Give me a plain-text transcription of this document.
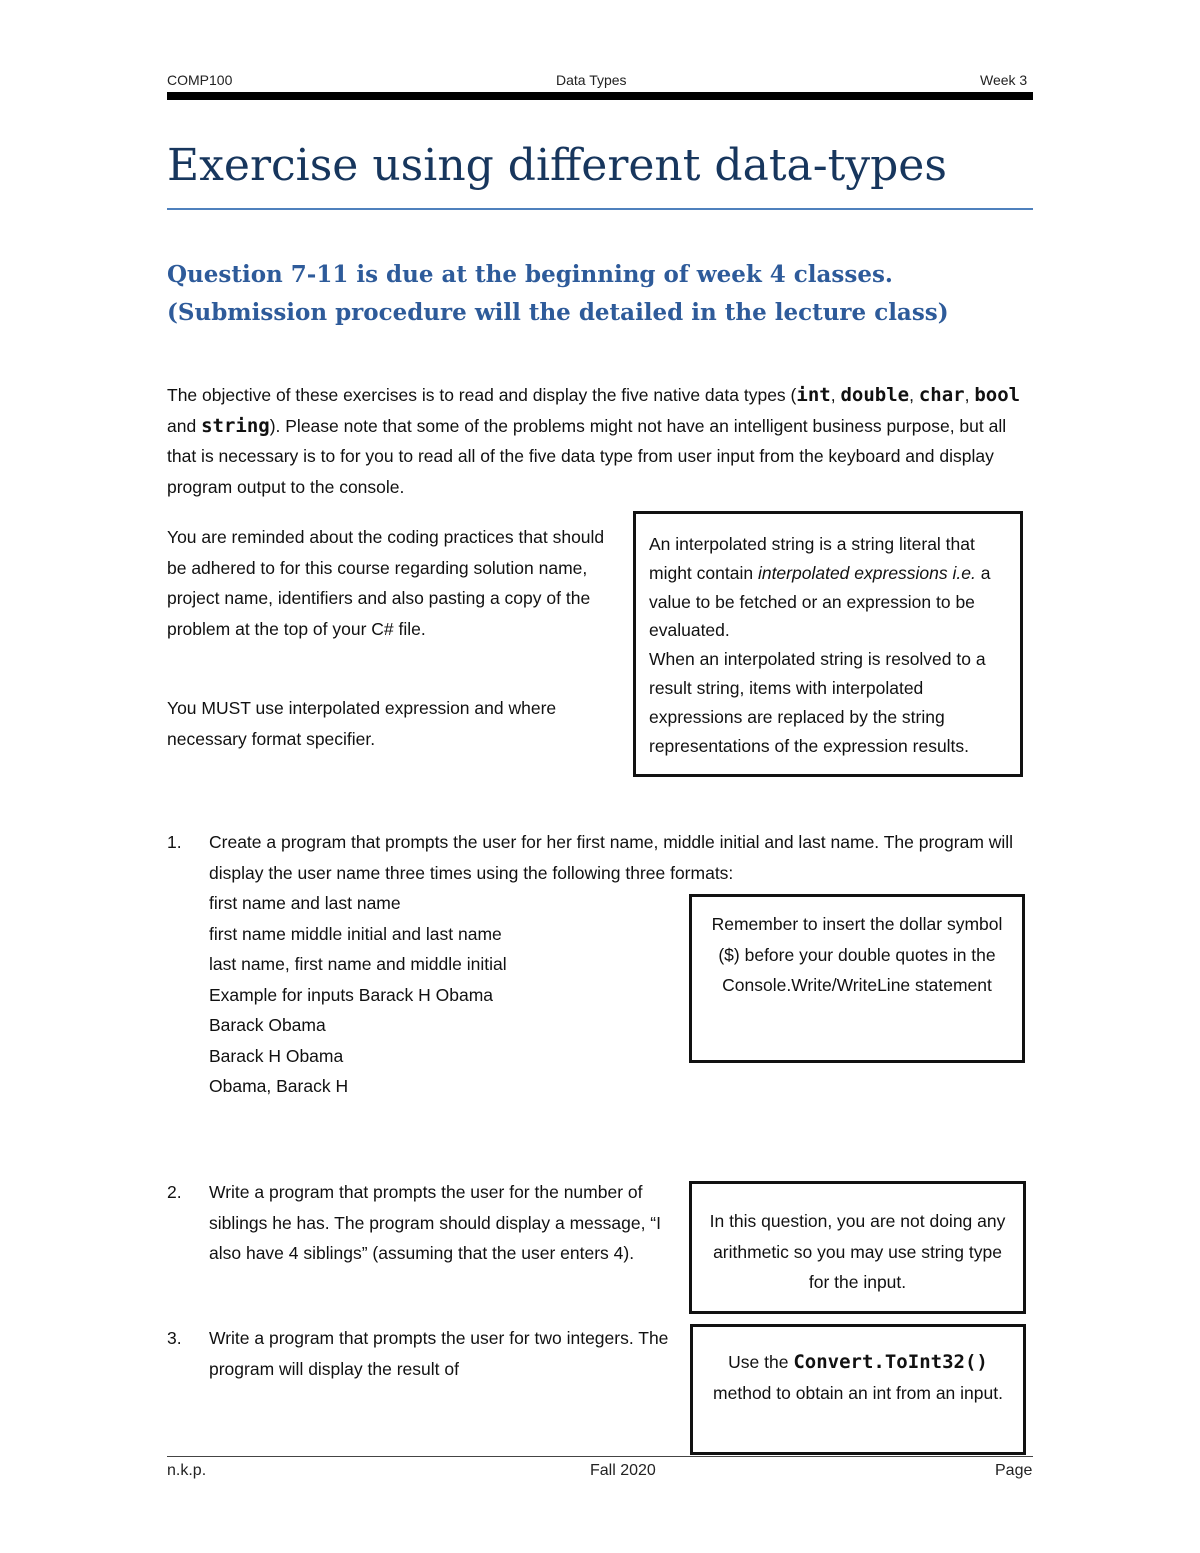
COMP100	Data Types	Week 3
Exercise using different data-types
Question 7-11 is due at the beginning of week 4 classes. (Submission procedure will the detailed in the lecture class)
The objective of these exercises is to read and display the five native data types (int, double, char, bool and string). Please note that some of the problems might not have an intelligent business purpose, but all that is necessary is to for you to read all of the five data type from user input from the keyboard and display program output to the console.
You are reminded about the coding practices that should be adhered to for this course regarding solution name, project name, identifiers and also pasting a copy of the problem at the top of your C# file.
You MUST use interpolated expression and where necessary format specifier.
An interpolated string is a string literal that might contain interpolated expressions i.e. a value to be fetched or an expression to be evaluated.
When an interpolated string is resolved to a result string, items with interpolated expressions are replaced by the string representations of the expression results.
1. Create a program that prompts the user for her first name, middle initial and last name. The program will display the user name three times using the following three formats:
first name and last name
first name middle initial and last name
last name, first name and middle initial
Example for inputs Barack H Obama
Barack Obama
Barack H Obama
Obama, Barack H
Remember to insert the dollar symbol ($) before your double quotes in the Console.Write/WriteLine statement
2. Write a program that prompts the user for the number of siblings he has. The program should display a message, “I also have 4 siblings” (assuming that the user enters 4).
In this question, you are not doing any arithmetic so you may use string type for the input.
3. Write a program that prompts the user for two integers. The program will display the result of	Use the Convert.ToInt32() method to obtain an int from an input.
n.k.p.	Fall 2020	Page
